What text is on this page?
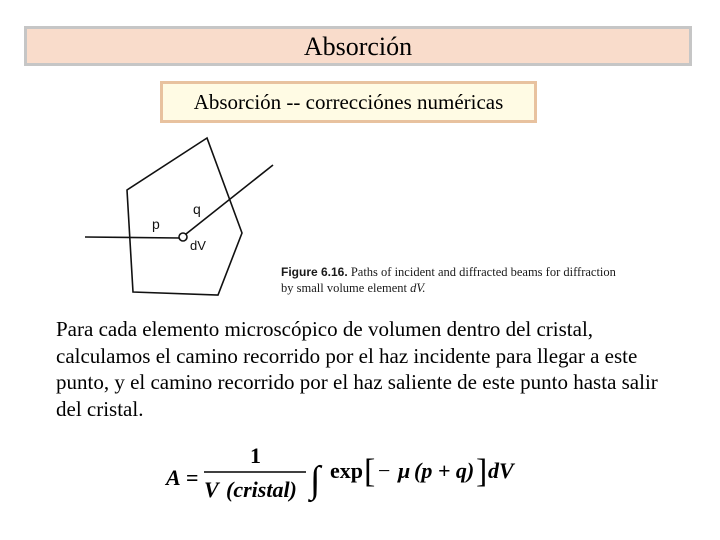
Absorción
Absorción -- correcciónes numéricas
p
q
dV
Figure 6.16. Paths of incident and diffracted beams for diffraction by small volume element dV.
Para cada elemento microscópico de volumen dentro del cristal, calculamos el camino recorrido por el haz incidente para llegar a este punto, y el camino recorrido por el haz saliente de este punto hasta salir del cristal.
A =
1
V (cristal) ∫ exp [ − μ (p + q) ] dV
